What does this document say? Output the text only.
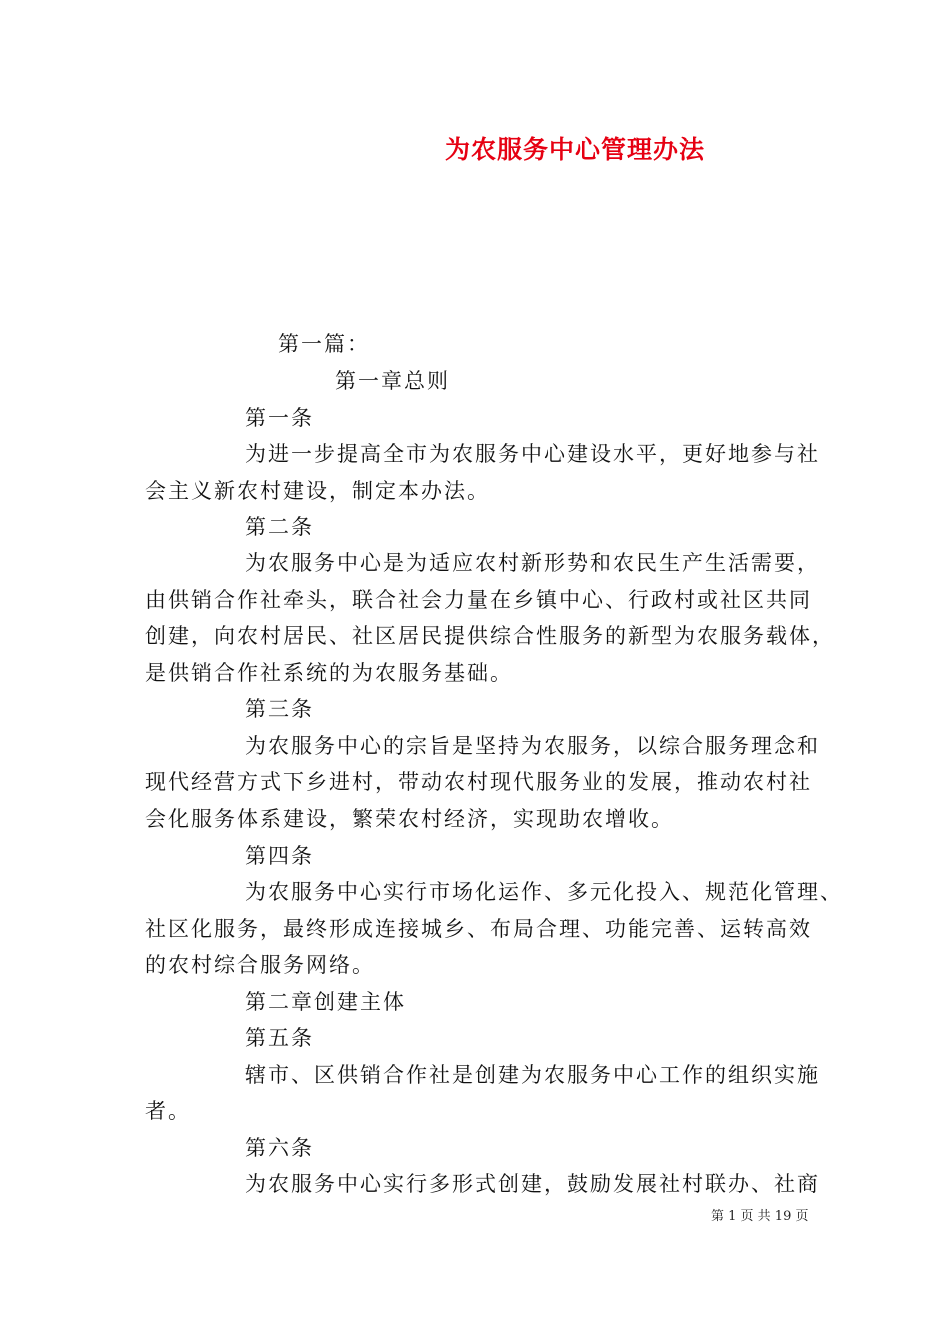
为农服务中心管理办法
第一篇：
第一章总则
第一条
为进一步提高全市为农服务中心建设水平，更好地参与社
会主义新农村建设，制定本办法。
第二条
为农服务中心是为适应农村新形势和农民生产生活需要，
由供销合作社牵头，联合社会力量在乡镇中心、行政村或社区共同
创建，向农村居民、社区居民提供综合性服务的新型为农服务载体，
是供销合作社系统的为农服务基础。
第三条
为农服务中心的宗旨是坚持为农服务，以综合服务理念和
现代经营方式下乡进村，带动农村现代服务业的发展，推动农村社
会化服务体系建设，繁荣农村经济，实现助农增收。
第四条
为农服务中心实行市场化运作、多元化投入、规范化管理、
社区化服务，最终形成连接城乡、布局合理、功能完善、运转高效
的农村综合服务网络。
第二章创建主体
第五条
辖市、区供销合作社是创建为农服务中心工作的组织实施
者。
第六条
为农服务中心实行多形式创建，鼓励发展社村联办、社商
第 1 页 共 19 页
